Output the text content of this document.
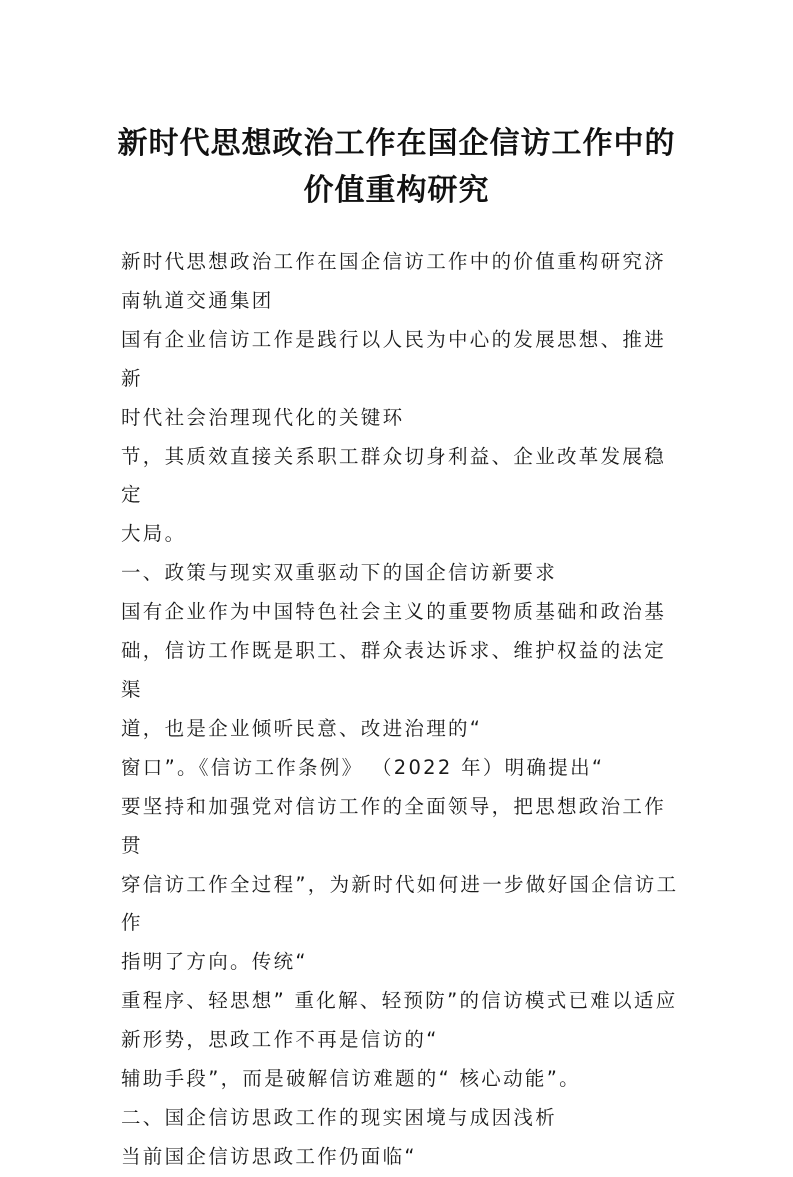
新时代思想政治工作在国企信访工作中的
价值重构研究

新时代思想政治工作在国企信访工作中的价值重构研究济

南轨道交通集团

国有企业信访工作是践行以人民为中心的发展思想、推进新

时代社会治理现代化的关键环

节，其质效直接关系职工群众切身利益、企业改革发展稳定

大局。

一、政策与现实双重驱动下的国企信访新要求

国有企业作为中国特色社会主义的重要物质基础和政治基

础，信访工作既是职工、群众表达诉求、维护权益的法定渠

道，也是企业倾听民意、改进治理的“

窗口”。《信访工作条例》 （2022 年）明确提出“

要坚持和加强党对信访工作的全面领导，把思想政治工作贯

穿信访工作全过程”，为新时代如何进一步做好国企信访工作

指明了方向。传统“

重程序、轻思想” 重化解、轻预防”的信访模式已难以适应

新形势，思政工作不再是信访的“

辅助手段”，而是破解信访难题的“ 核心动能”。

二、国企信访思政工作的现实困境与成因浅析

当前国企信访思政工作仍面临“
